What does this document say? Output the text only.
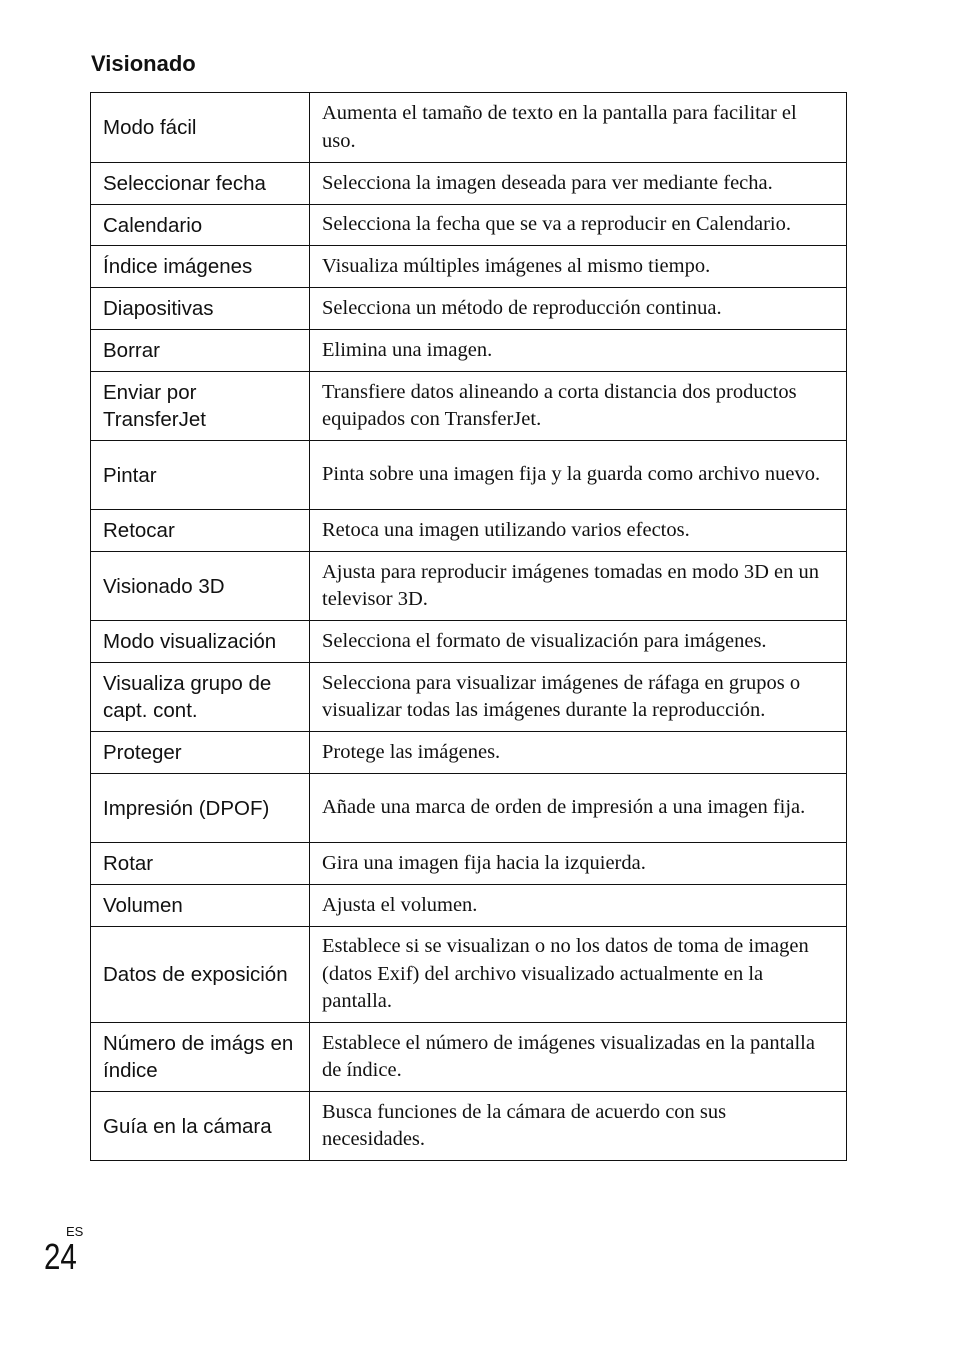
Visionado
Modo fácil	Aumenta el tamaño de texto en la pantalla para facilitar el uso.
Seleccionar fecha	Selecciona la imagen deseada para ver mediante fecha.
Calendario	Selecciona la fecha que se va a reproducir en Calendario.
Índice imágenes	Visualiza múltiples imágenes al mismo tiempo.
Diapositivas	Selecciona un método de reproducción continua.
Borrar	Elimina una imagen.
Enviar por TransferJet	Transfiere datos alineando a corta distancia dos productos equipados con TransferJet.
Pintar	Pinta sobre una imagen fija y la guarda como archivo nuevo.
Retocar	Retoca una imagen utilizando varios efectos.
Visionado 3D	Ajusta para reproducir imágenes tomadas en modo 3D en un televisor 3D.
Modo visualización	Selecciona el formato de visualización para imágenes.
Visualiza grupo de capt. cont.	Selecciona para visualizar imágenes de ráfaga en grupos o visualizar todas las imágenes durante la reproducción.
Proteger	Protege las imágenes.
Impresión (DPOF)	Añade una marca de orden de impresión a una imagen fija.
Rotar	Gira una imagen fija hacia la izquierda.
Volumen	Ajusta el volumen.
Datos de exposición	Establece si se visualizan o no los datos de toma de imagen (datos Exif) del archivo visualizado actualmente en la pantalla.
Número de imágs en índice	Establece el número de imágenes visualizadas en la pantalla de índice.
Guía en la cámara	Busca funciones de la cámara de acuerdo con sus necesidades.
ES
24
